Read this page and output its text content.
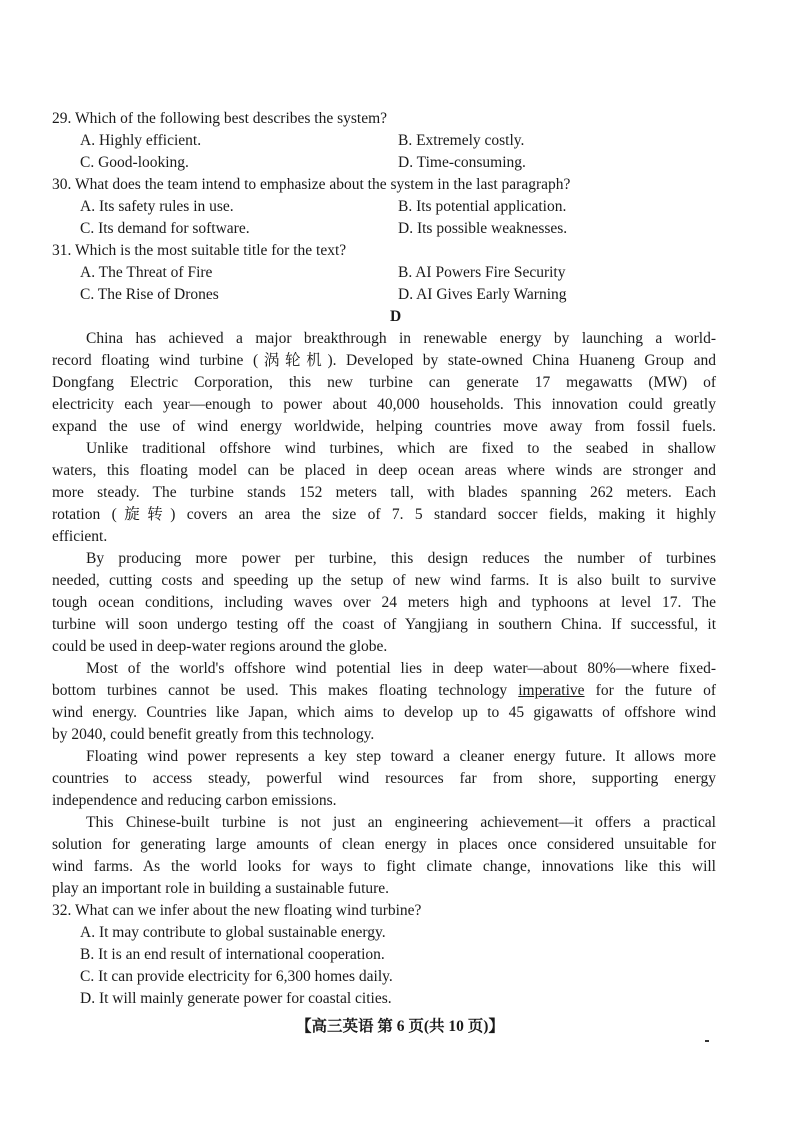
29. Which of the following best describes the system?
A. Highly efficient.	B. Extremely costly.
C. Good-looking.	D. Time-consuming.
30. What does the team intend to emphasize about the system in the last paragraph?
A. Its safety rules in use.	B. Its potential application.
C. Its demand for software.	D. Its possible weaknesses.
31. Which is the most suitable title for the text?
A. The Threat of Fire	B. AI Powers Fire Security
C. The Rise of Drones	D. AI Gives Early Warning
D
China has achieved a major breakthrough in renewable energy by launching a world-
record floating wind turbine (涡轮机). Developed by state-owned China Huaneng Group and
Dongfang Electric Corporation, this new turbine can generate 17 megawatts (MW) of
electricity each year—enough to power about 40,000 households. This innovation could greatly
expand the use of wind energy worldwide, helping countries move away from fossil fuels.
Unlike traditional offshore wind turbines, which are fixed to the seabed in shallow
waters, this floating model can be placed in deep ocean areas where winds are stronger and
more steady. The turbine stands 152 meters tall, with blades spanning 262 meters. Each
rotation (旋转) covers an area the size of 7. 5 standard soccer fields, making it highly
efficient.
By producing more power per turbine, this design reduces the number of turbines
needed, cutting costs and speeding up the setup of new wind farms. It is also built to survive
tough ocean conditions, including waves over 24 meters high and typhoons at level 17. The
turbine will soon undergo testing off the coast of Yangjiang in southern China. If successful, it
could be used in deep-water regions around the globe.
Most of the world's offshore wind potential lies in deep water—about 80%—where fixed-
bottom turbines cannot be used. This makes floating technology imperative for the future of
wind energy. Countries like Japan, which aims to develop up to 45 gigawatts of offshore wind
by 2040, could benefit greatly from this technology.
Floating wind power represents a key step toward a cleaner energy future. It allows more
countries to access steady, powerful wind resources far from shore, supporting energy
independence and reducing carbon emissions.
This Chinese-built turbine is not just an engineering achievement—it offers a practical
solution for generating large amounts of clean energy in places once considered unsuitable for
wind farms. As the world looks for ways to fight climate change, innovations like this will
play an important role in building a sustainable future.
32. What can we infer about the new floating wind turbine?
A. It may contribute to global sustainable energy.
B. It is an end result of international cooperation.
C. It can provide electricity for 6,300 homes daily.
D. It will mainly generate power for coastal cities.
【高三英语 第 6 页(共 10 页)】
